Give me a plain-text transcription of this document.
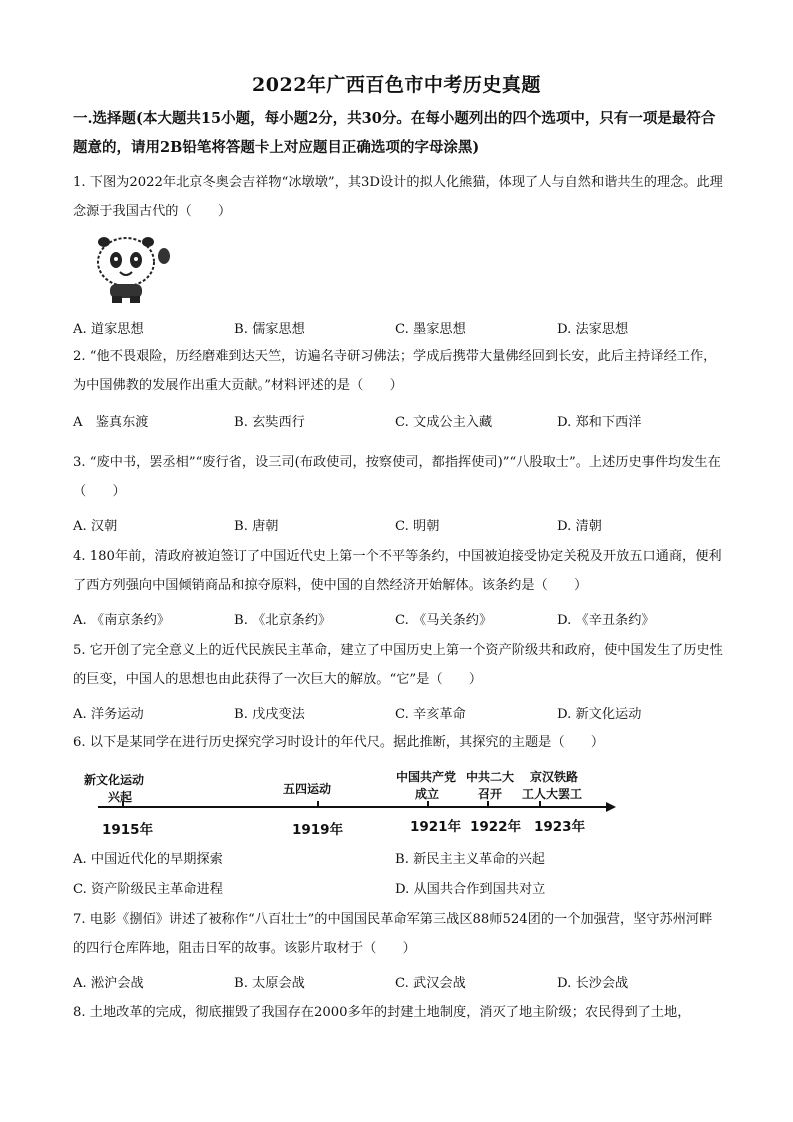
2022年广西百色市中考历史真题
一.选择题(本大题共15小题，每小题2分，共30分。在每小题列出的四个选项中，只有一项是最符合题意的，请用2B铅笔将答题卡上对应题目正确选项的字母涂黑)
1. 下图为2022年北京冬奥会吉祥物“冰墩墩”，其3D设计的拟人化熊猫，体现了人与自然和谐共生的理念。此理念源于我国古代的（　　）
A. 道家思想	B. 儒家思想	C. 墨家思想	D. 法家思想
2. “他不畏艰险，历经磨难到达天竺，访遍名寺研习佛法；学成后携带大量佛经回到长安，此后主持译经工作，为中国佛教的发展作出重大贡献。”材料评述的是（　　）
A　鉴真东渡	B. 玄奘西行	C. 文成公主入藏	D. 郑和下西洋
3. “废中书，罢丞相”“废行省，设三司(布政使司，按察使司，都指挥使司)”“八股取士”。上述历史事件均发生在（　　）
A. 汉朝	B. 唐朝	C. 明朝	D. 清朝
4. 180年前，清政府被迫签订了中国近代史上第一个不平等条约，中国被迫接受协定关税及开放五口通商，便利了西方列强向中国倾销商品和掠夺原料，使中国的自然经济开始解体。该条约是（　　）
A. 《南京条约》	B. 《北京条约》	C. 《马关条约》	D. 《辛丑条约》
5. 它开创了完全意义上的近代民族民主革命，建立了中国历史上第一个资产阶级共和政府，使中国发生了历史性的巨变，中国人的思想也由此获得了一次巨大的解放。“它”是（　　）
A. 洋务运动	B. 戊戌变法	C. 辛亥革命	D. 新文化运动
6. 以下是某同学在进行历史探究学习时设计的年代尺。据此推断，其探究的主题是（　　）
新文化运动
兴起
1915年
五四运动
1919年
中国共产党
成立
1921年
中共二大
召开
1922年
京汉铁路
工人大罢工
1923年
A. 中国近代化的早期探索	B. 新民主主义革命的兴起
C. 资产阶级民主革命进程	D. 从国共合作到国共对立
7. 电影《捌佰》讲述了被称作“八百壮士”的中国国民革命军第三战区88师524团的一个加强营，坚守苏州河畔的四行仓库阵地，阻击日军的故事。该影片取材于（　　）
A. 淞沪会战	B. 太原会战	C. 武汉会战	D. 长沙会战
8. 土地改革的完成，彻底摧毁了我国存在2000多年的封建土地制度，消灭了地主阶级；农民得到了土地，
